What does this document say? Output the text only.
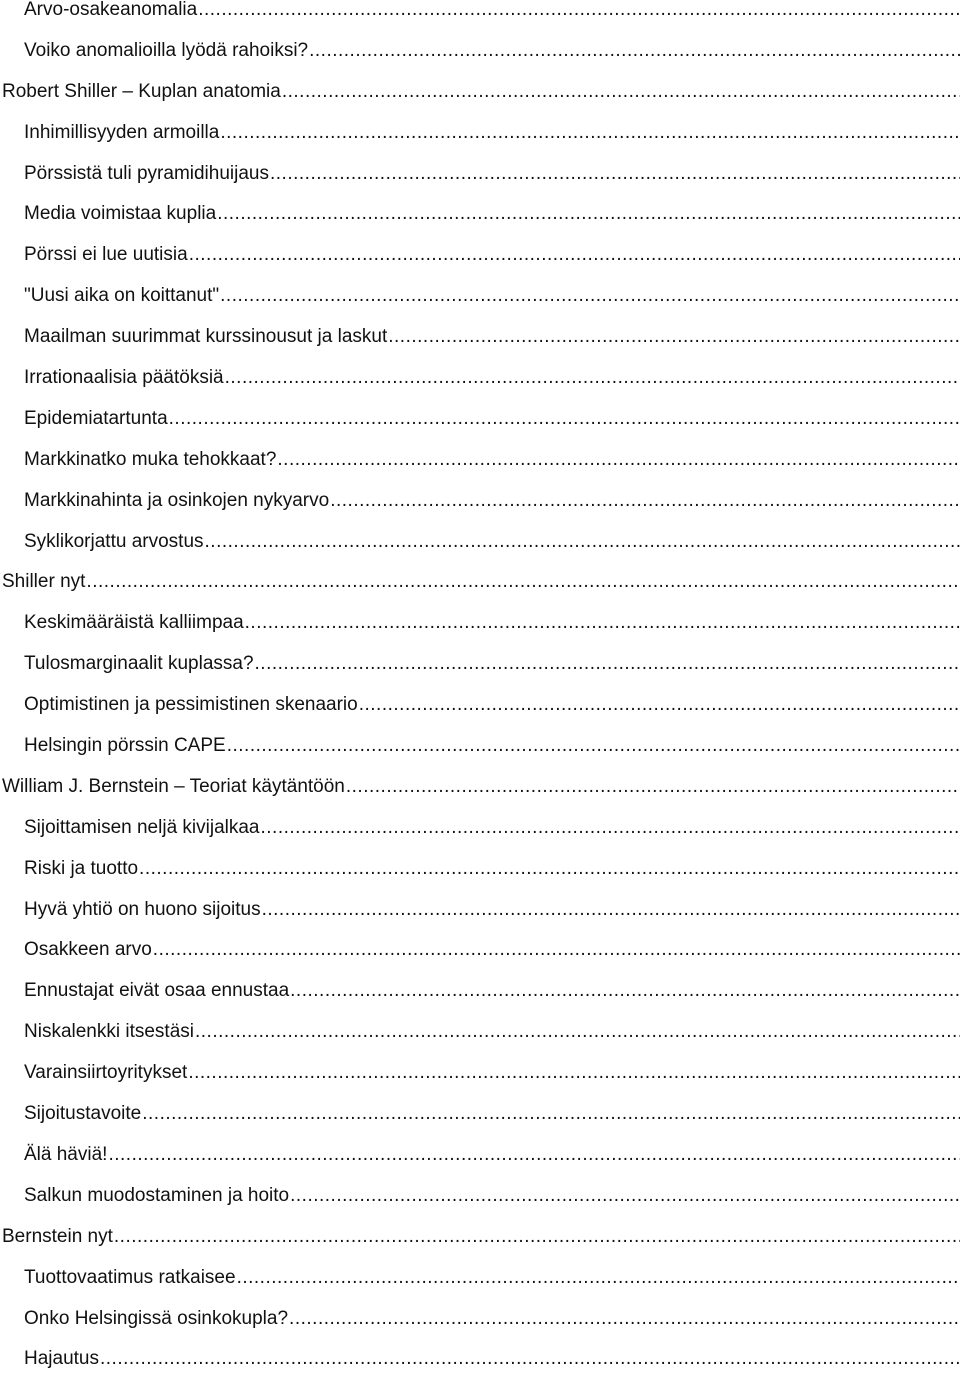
Arvo-osakeanomalia
.....
Voiko anomalioilla lyödä rahoiksi?
.....
Robert Shiller – Kuplan anatomia
.....
Inhimillisyyden armoilla
.....
Pörssistä tuli pyramidihuijaus
.....
Media voimistaa kuplia
.....
Pörssi ei lue uutisia
.....
"Uusi aika on koittanut"
.....
Maailman suurimmat kurssinousut ja laskut
.....
Irrationaalisia päätöksiä
.....
Epidemiatartunta
.....
Markkinatko muka tehokkaat?
.....
Markkinahinta ja osinkojen nykyarvo
.....
Syklikorjattu arvostus
.....
Shiller nyt
.....
Keskimääräistä kalliimpaa
.....
Tulosmarginaalit kuplassa?
.....
Optimistinen ja pessimistinen skenaario
.....
Helsingin pörssin CAPE
.....
William J. Bernstein – Teoriat käytäntöön
.....
Sijoittamisen neljä kivijalkaa
.....
Riski ja tuotto
.....
Hyvä yhtiö on huono sijoitus
.....
Osakkeen arvo
.....
Ennustajat eivät osaa ennustaa
.....
Niskalenkki itsestäsi
.....
Varainsiirtoyritykset
.....
Sijoitustavoite
.....
Älä häviä!
.....
Salkun muodostaminen ja hoito
.....
Bernstein nyt
.....
Tuottovaatimus ratkaisee
.....
Onko Helsingissä osinkokupla?
.....
Hajautus
.....
